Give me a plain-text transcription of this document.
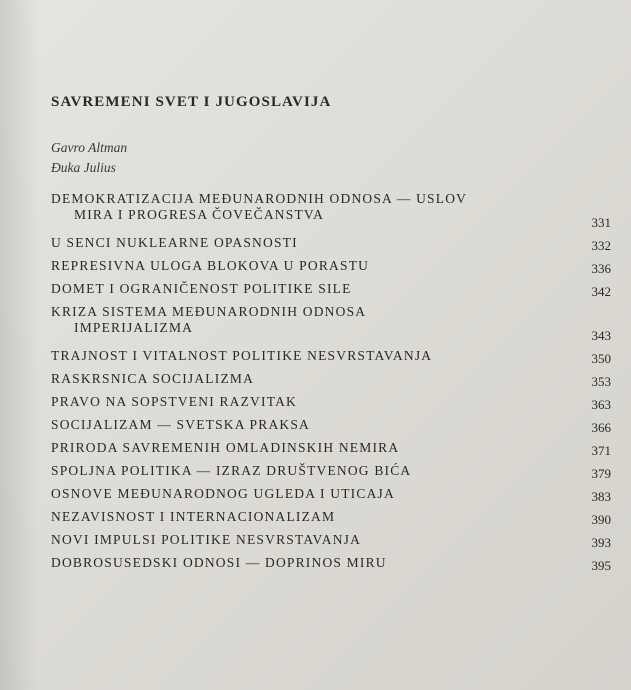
SAVREMENI SVET I JUGOSLAVIJA
Gavro Altman
Đuka Julius
DEMOKRATIZACIJA MEĐUNARODNIH ODNOSA — USLOV
MIRA I PROGRESA ČOVEČANSTVA
331
U SENCI NUKLEARNE OPASNOSTI	332
REPRESIVNA ULOGA BLOKOVA U PORASTU	336
DOMET I OGRANIČENOST POLITIKE SILE	342
KRIZA SISTEMA MEĐUNARODNIH ODNOSA
IMPERIJALIZMA
343
TRAJNOST I VITALNOST POLITIKE NESVRSTAVANJA	350
RASKRSNICA SOCIJALIZMA	353
PRAVO NA SOPSTVENI RAZVITAK	363
SOCIJALIZAM — SVETSKA PRAKSA	366
PRIRODA SAVREMENIH OMLADINSKIH NEMIRA	371
SPOLJNA POLITIKA — IZRAZ DRUŠTVENOG BIĆA	379
OSNOVE MEĐUNARODNOG UGLEDA I UTICAJA	383
NEZAVISNOST I INTERNACIONALIZAM	390
NOVI IMPULSI POLITIKE NESVRSTAVANJA	393
DOBROSUSEDSKI ODNOSI — DOPRINOS MIRU	395
